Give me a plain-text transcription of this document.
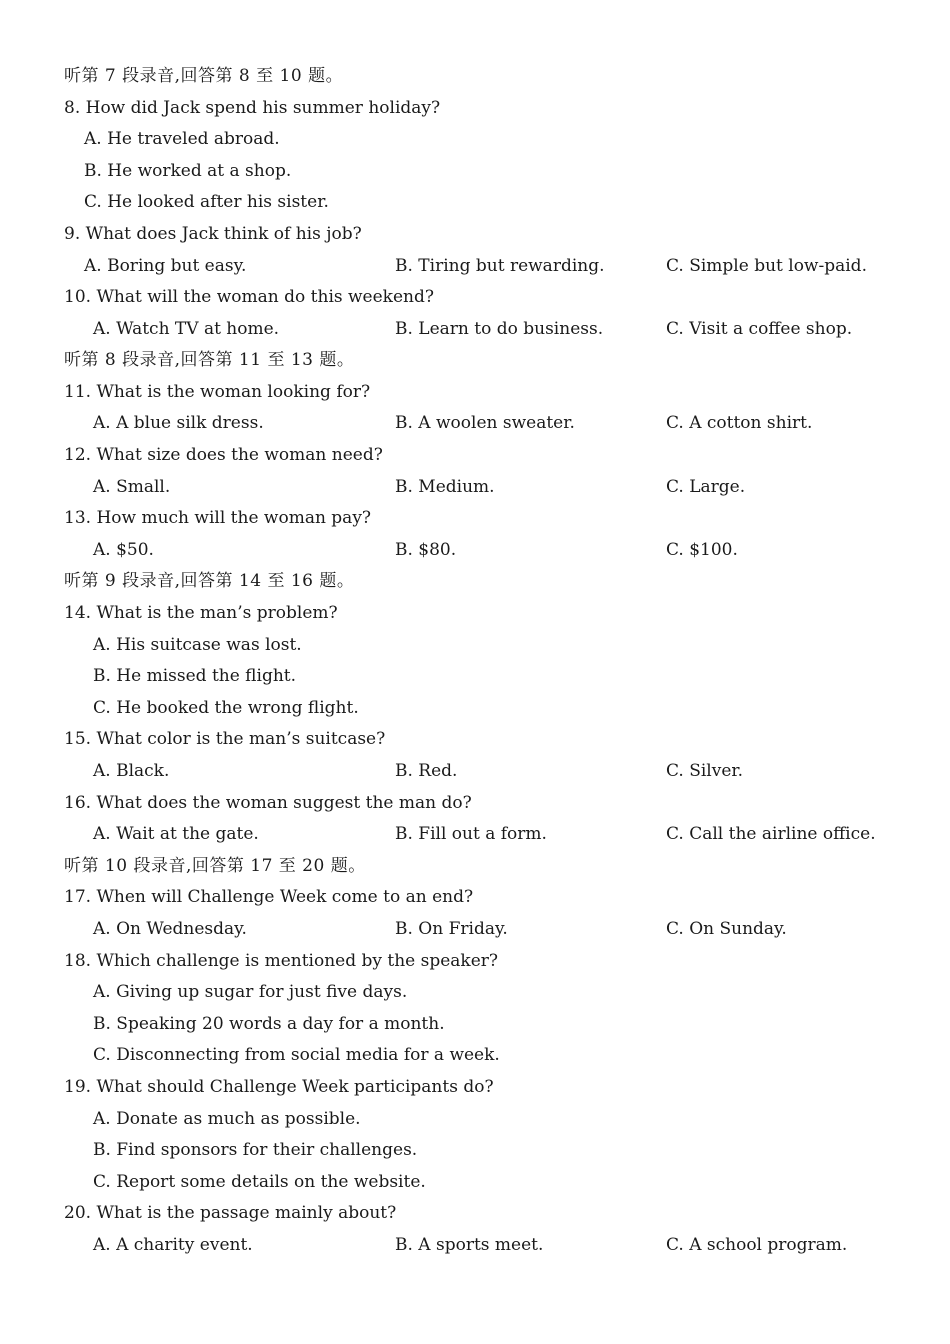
听第 7 段录音,回答第 8 至 10 题。
8. How did Jack spend his summer holiday?
A. He traveled abroad.
B. He worked at a shop.
C. He looked after his sister.
9. What does Jack think of his job?
A. Boring but easy.	B. Tiring but rewarding.	C. Simple but low-paid.
10. What will the woman do this weekend?
A. Watch TV at home.	B. Learn to do business.	C. Visit a coffee shop.
听第 8 段录音,回答第 11 至 13 题。
11. What is the woman looking for?
A. A blue silk dress.	B. A woolen sweater.	C. A cotton shirt.
12. What size does the woman need?
A. Small.	B. Medium.	C. Large.
13. How much will the woman pay?
A. $50.	B. $80.	C. $100.
听第 9 段录音,回答第 14 至 16 题。
14. What is the man’s problem?
A. His suitcase was lost.
B. He missed the flight.
C. He booked the wrong flight.
15. What color is the man’s suitcase?
A. Black.	B. Red.	C. Silver.
16. What does the woman suggest the man do?
A. Wait at the gate.	B. Fill out a form.	C. Call the airline office.
听第 10 段录音,回答第 17 至 20 题。
17. When will Challenge Week come to an end?
A. On Wednesday.	B. On Friday.	C. On Sunday.
18. Which challenge is mentioned by the speaker?
A. Giving up sugar for just five days.
B. Speaking 20 words a day for a month.
C. Disconnecting from social media for a week.
19. What should Challenge Week participants do?
A. Donate as much as possible.
B. Find sponsors for their challenges.
C. Report some details on the website.
20. What is the passage mainly about?
A. A charity event.	B. A sports meet.	C. A school program.
